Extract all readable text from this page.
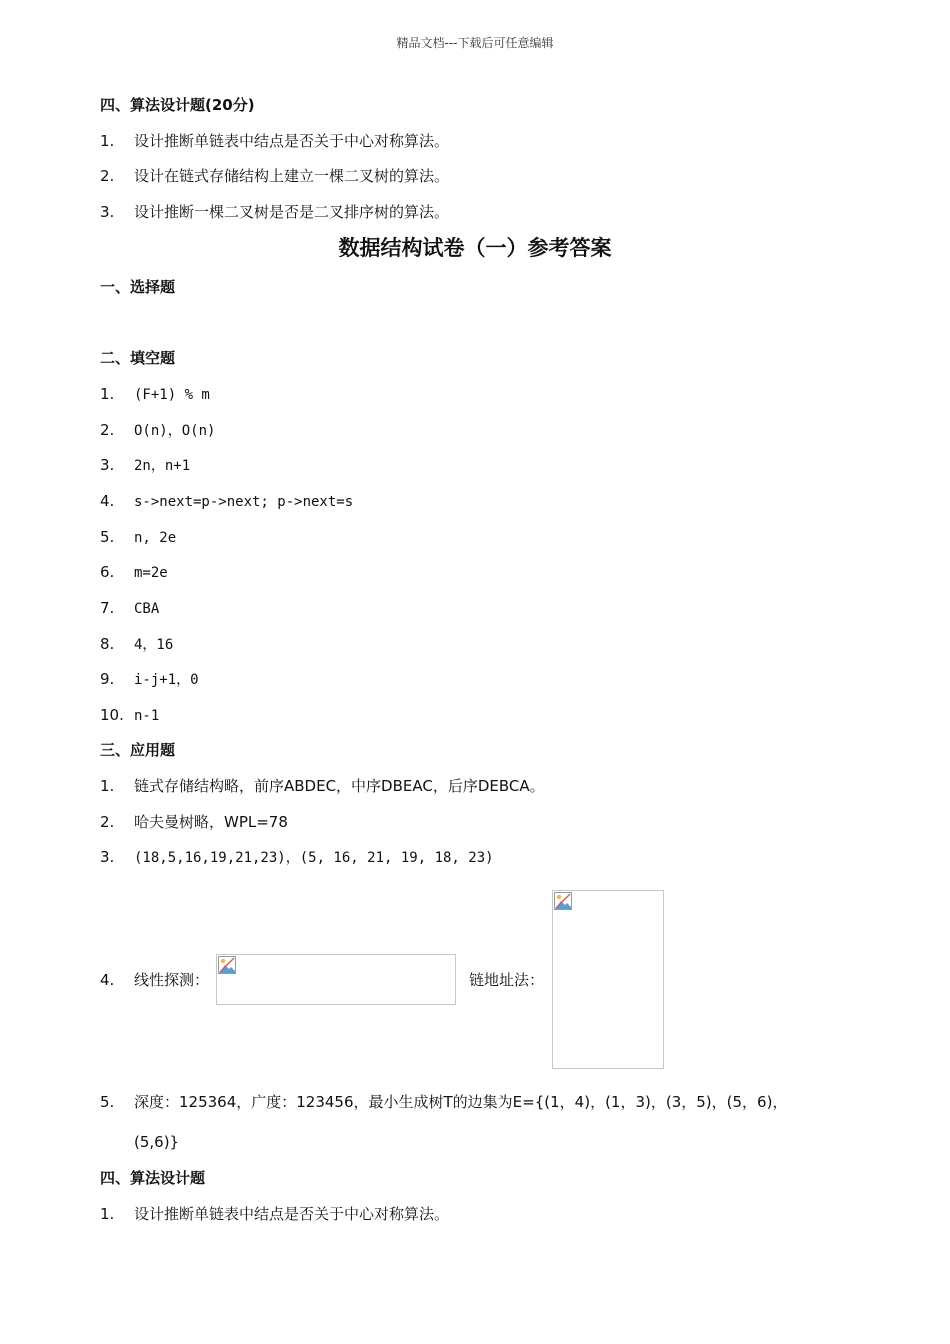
精品文档---下载后可任意编辑
四、算法设计题(20分)
1. 设计推断单链表中结点是否关于中心对称算法。
2. 设计在链式存储结构上建立一棵二叉树的算法。
3. 设计推断一棵二叉树是否是二叉排序树的算法。
数据结构试卷（一）参考答案
一、选择题
二、填空题
1. (F+1) % m
2. O(n)，O(n)
3. 2n，n+1
4. s->next=p->next; p->next=s
5. n, 2e
6. m=2e
7. CBA
8. 4，16
9. i-j+1，0
10. n-1
三、应用题
1. 链式存储结构略，前序ABDEC，中序DBEAC，后序DEBCA。
2. 哈夫曼树略，WPL=78
3. (18,5,16,19,21,23)，(5, 16, 21, 19, 18, 23)
4. 线性探测：	链地址法：
5. 深度：125364，广度：123456，最小生成树T的边集为E={(1，4)，(1，3)，(3，5)，(5，6)，
(5,6)}
四、算法设计题
1. 设计推断单链表中结点是否关于中心对称算法。
